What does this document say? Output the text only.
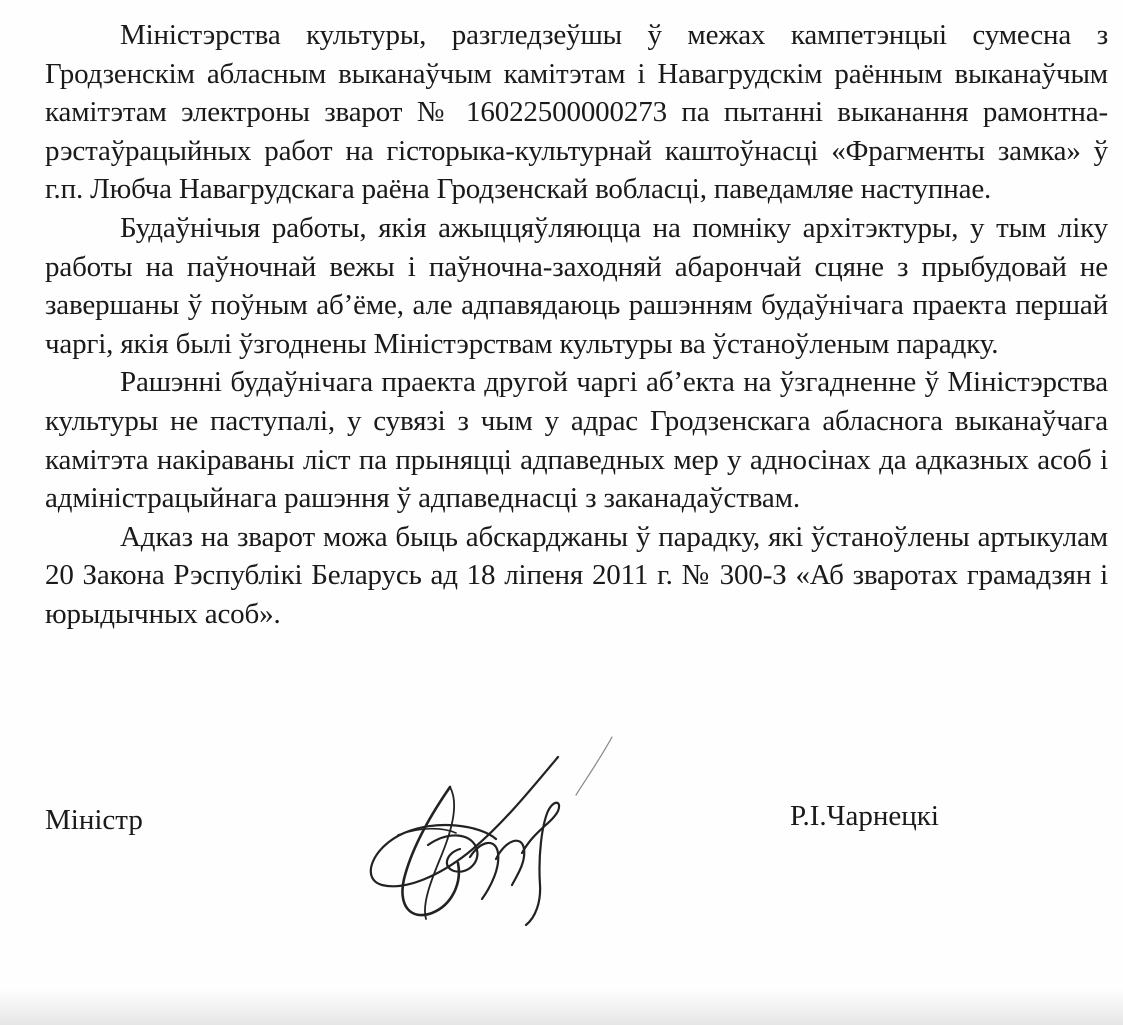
Міністэрства культуры, разгледзеўшы ў межах кампетэнцыі сумесна з Гродзенскім абласным выканаўчым камітэтам і Навагрудскім раённым выканаўчым камітэтам электроны зварот № 16022500000273 па пытанні выканання рамонтна-рэстаўрацыйных работ на гісторыка-культурнай каштоўнасці «Фрагменты замка» ў г.п. Любча Навагрудскага раёна Гродзенскай вобласці, паведамляе наступнае.

Будаўнічыя работы, якія ажыццяўляюцца на помніку архітэктуры, у тым ліку работы на паўночнай вежы і паўночна-заходняй абарончай сцяне з прыбудовай не завершаны ў поўным аб’ёме, але адпавядаюць рашэнням будаўнічага праекта першай чаргі, якія былі ўзгоднены Міністэрствам культуры ва ўстаноўленым парадку.

Рашэнні будаўнічага праекта другой чаргі аб’екта на ўзгадненне ў Міністэрства культуры не паступалі, у сувязі з чым у адрас Гродзенскага абласнога выканаўчага камітэта накіраваны ліст па прыняцці адпаведных мер у адносінах да адказных асоб і адміністрацыйнага рашэння ў адпаведнасці з заканадаўствам.

Адказ на зварот можа быць абскарджаны ў парадку, які ўстаноўлены артыкулам 20 Закона Рэспублікі Беларусь ад 18 ліпеня 2011 г. № 300-З «Аб зваротах грамадзян і юрыдычных асоб».

Міністр	Р.І.Чарнецкі
